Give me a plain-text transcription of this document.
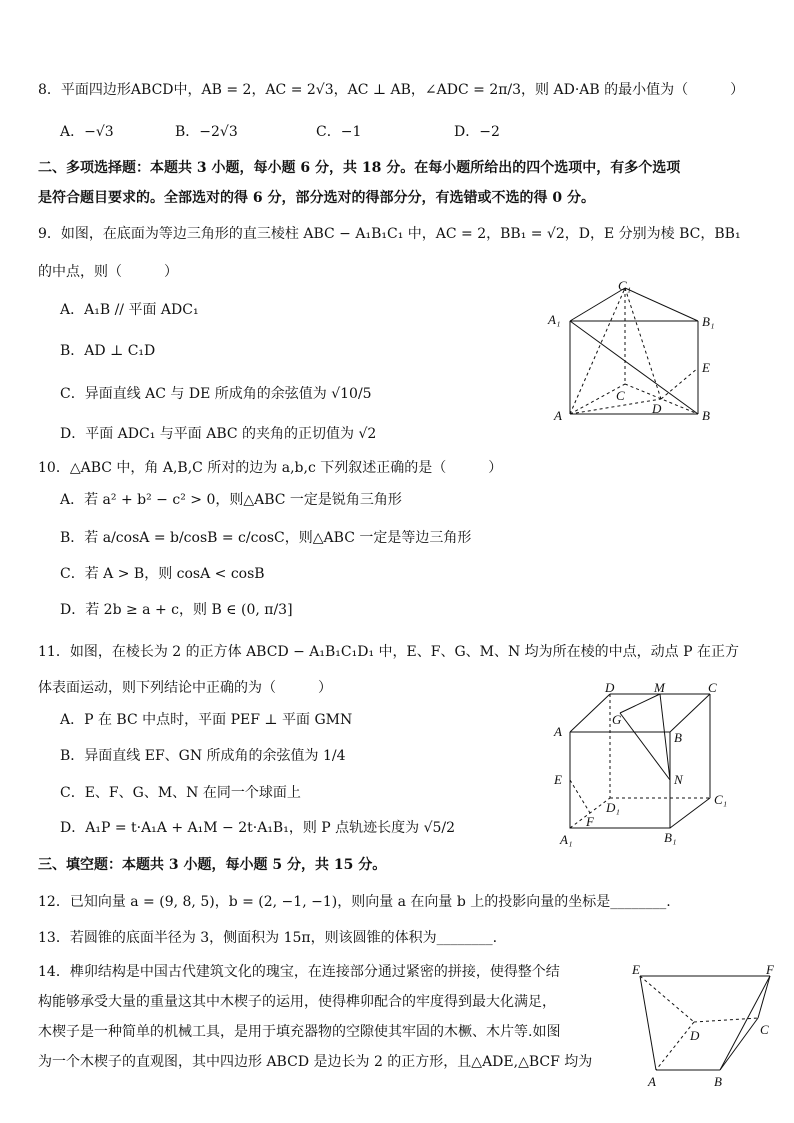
8．平面四边形ABCD中，AB = 2，AC = 2√3，AC ⊥ AB，∠ADC = 2π/3，则 AD·AB 的最小值为（　　　）
A．−√3	B．−2√3	C．−1	D．−2
二、多项选择题：本题共 3 小题，每小题 6 分，共 18 分。在每小题所给出的四个选项中，有多个选项
是符合题目要求的。全部选对的得 6 分，部分选对的得部分分，有选错或不选的得 0 分。
9．如图，在底面为等边三角形的直三棱柱 ABC − A₁B₁C₁ 中，AC = 2，BB₁ = √2，D，E 分别为棱 BC，BB₁
的中点，则（　　　）
A．A₁B // 平面 ADC₁
B．AD ⊥ C₁D
C．异面直线 AC 与 DE 所成角的余弦值为 √10/5
D．平面 ADC₁ 与平面 ABC 的夹角的正切值为 √2
C₁
A₁	B₁
E
C
D
A	B
10．△ABC 中，角 A,B,C 所对的边为 a,b,c 下列叙述正确的是（　　　）
A．若 a² + b² − c² > 0，则△ABC 一定是锐角三角形
B．若 a/cosA = b/cosB = c/cosC，则△ABC 一定是等边三角形
C．若 A > B，则 cosA < cosB
D．若 2b ≥ a + c，则 B ∈ (0, π/3]
11．如图，在棱长为 2 的正方体 ABCD − A₁B₁C₁D₁ 中，E、F、G、M、N 均为所在棱的中点，动点 P 在正方
体表面运动，则下列结论中正确的为（　　　）
A．P 在 BC 中点时，平面 PEF ⊥ 平面 GMN
B．异面直线 EF、GN 所成角的余弦值为 1/4
C．E、F、G、M、N 在同一个球面上
D．A₁P = t·A₁A + A₁M − 2t·A₁B₁，则 P 点轨迹长度为 √5/2
D	M	C
A
G
B
N
E
D₁
C₁
F
A₁	B₁
三、填空题：本题共 3 小题，每小题 5 分，共 15 分。
12．已知向量 a = (9, 8, 5)，b = (2, −1, −1)，则向量 a 在向量 b 上的投影向量的坐标是________.
13．若圆锥的底面半径为 3，侧面积为 15π，则该圆锥的体积为________.
14．榫卯结构是中国古代建筑文化的瑰宝，在连接部分通过紧密的拼接，使得整个结
构能够承受大量的重量这其中木楔子的运用，使得榫卯配合的牢度得到最大化满足，
木楔子是一种简单的机械工具，是用于填充器物的空隙使其牢固的木橛、木片等.如图
为一个木楔子的直观图，其中四边形 ABCD 是边长为 2 的正方形，且△ADE,△BCF 均为
E	F
D	C
A	B
